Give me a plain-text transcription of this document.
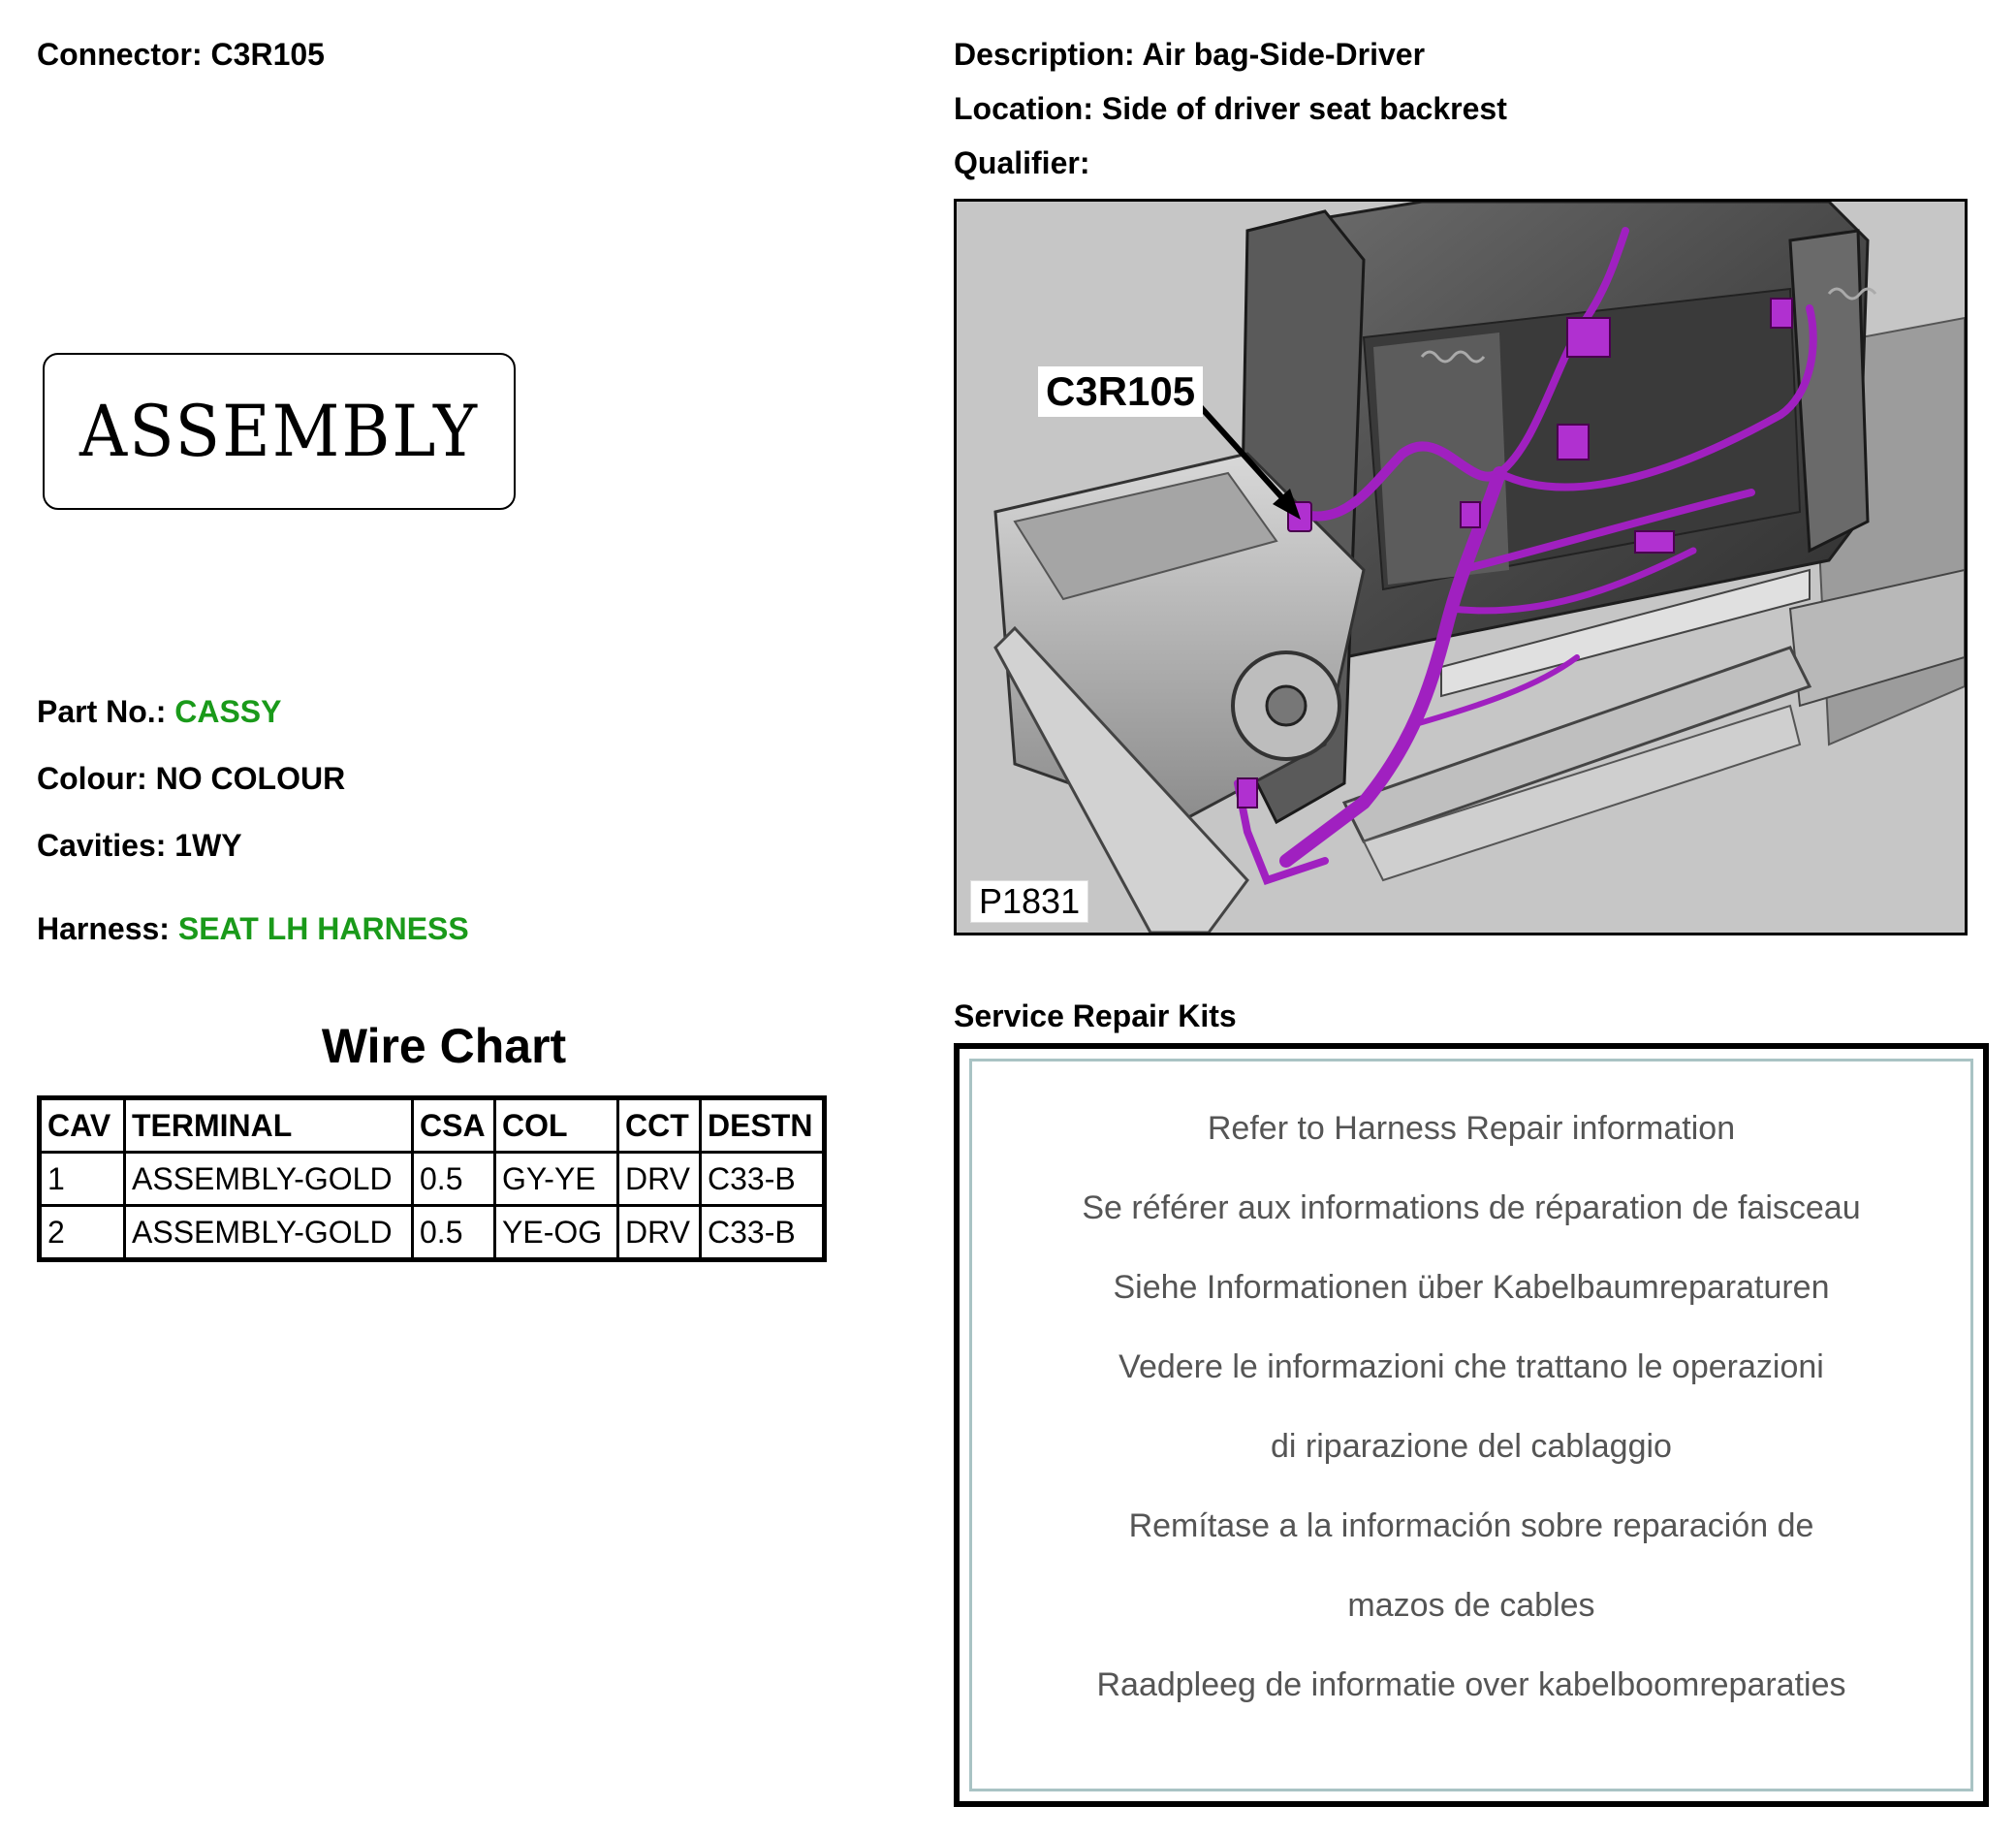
Connector: C3R105	Description: Air bag-Side-Driver
Location: Side of driver seat backrest
Qualifier:
ASSEMBLY
Part No.: CASSY
Colour: NO COLOUR
Cavities: 1WY
Harness: SEAT LH HARNESS
Wire Chart
CAV	TERMINAL	CSA	COL	CCT	DESTN
1	ASSEMBLY-GOLD	0.5	GY-YE	DRV	C33-B
2	ASSEMBLY-GOLD	0.5	YE-OG	DRV	C33-B
C3R105
P1831
Service Repair Kits
Refer to Harness Repair information
Se référer aux informations de réparation de faisceau
Siehe Informationen über Kabelbaumreparaturen
Vedere le informazioni che trattano le operazioni
di riparazione del cablaggio
Remítase a la información sobre reparación de
mazos de cables
Raadpleeg de informatie over kabelboomreparaties
